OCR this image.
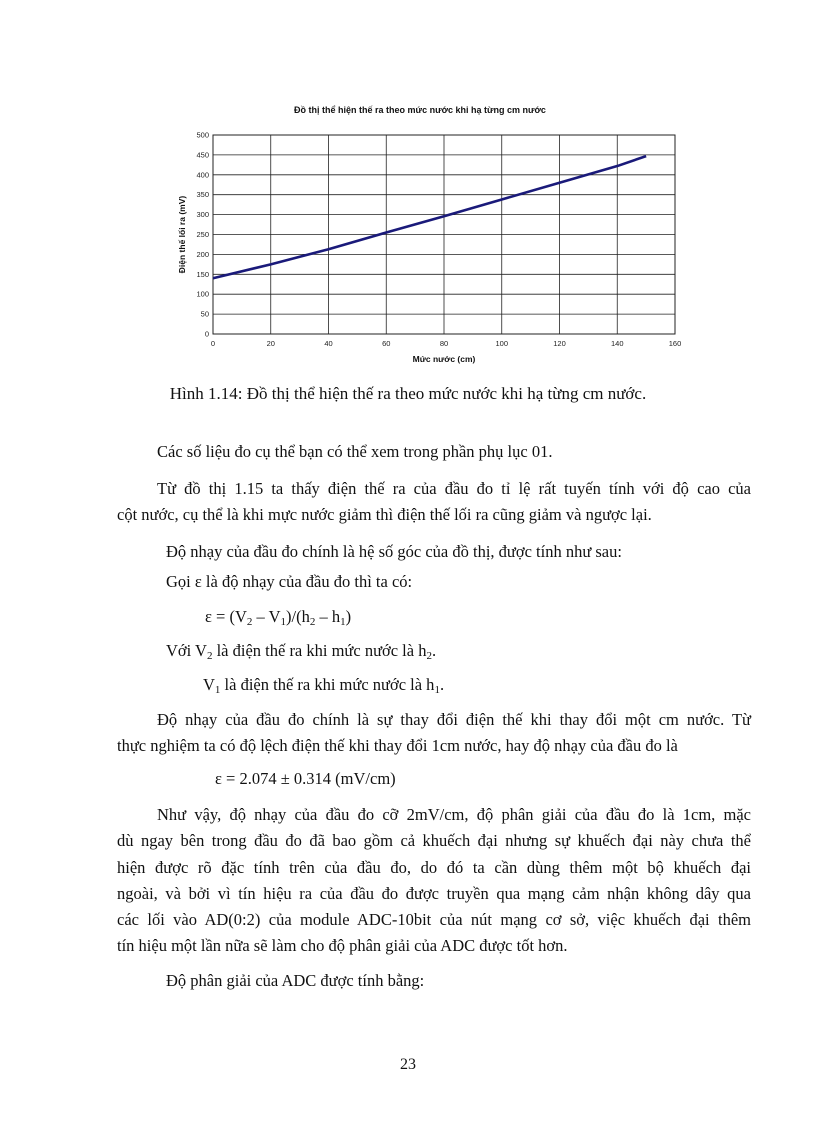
Đồ thị thể hiện thế ra theo mức nước khi hạ từng cm nước
0	20	40	60	80	100	120	140	160
0
50
100
150
200
250
300
350
400
450
500
Mức nước (cm)
Điện thế lối ra (mV)
Hình 1.14: Đồ thị thể hiện thế ra theo mức nước khi hạ từng cm nước.

Các số liệu đo cụ thể bạn có thể xem trong phần phụ lục 01.

Từ đồ thị 1.15 ta thấy điện thế ra của đầu đo tỉ lệ rất tuyến tính với độ cao của

cột nước, cụ thể là khi mực nước giảm thì điện thế lối ra cũng giảm và ngược lại.

Độ nhạy của đầu đo chính là hệ số góc của đồ thị, được tính như sau:

Gọi ε là độ nhạy của đầu đo thì ta có:

$\varepsilon = (V_2 - V_1)/(h_2 - h_1)$

Với $V_2$ là điện thế ra khi mức nước là $h_2$.

$V_1$ là điện thế ra khi mức nước là $h_1$.

Độ nhạy của đầu đo chính là sự thay đổi điện thế khi thay đổi một cm nước. Từ

thực nghiệm ta có độ lệch điện thế khi thay đổi 1cm nước, hay độ nhạy của đầu đo là

ε = 2.074 ± 0.314 (mV/cm)

Như vậy, độ nhạy của đầu đo cỡ 2mV/cm, độ phân giải của đầu đo là 1cm, mặc

dù ngay bên trong đầu đo đã bao gồm cả khuếch đại nhưng sự khuếch đại này chưa thể

hiện được rõ đặc tính trên của đầu đo, do đó ta cần dùng thêm một bộ khuếch đại

ngoài, và bởi vì tín hiệu ra của đầu đo được truyền qua mạng cảm nhận không dây qua

các lối vào AD(0:2) của module ADC-10bit của nút mạng cơ sở, việc khuếch đại thêm

tín hiệu một lần nữa sẽ làm cho độ phân giải của ADC được tốt hơn.

Độ phân giải của ADC được tính bằng:

23
